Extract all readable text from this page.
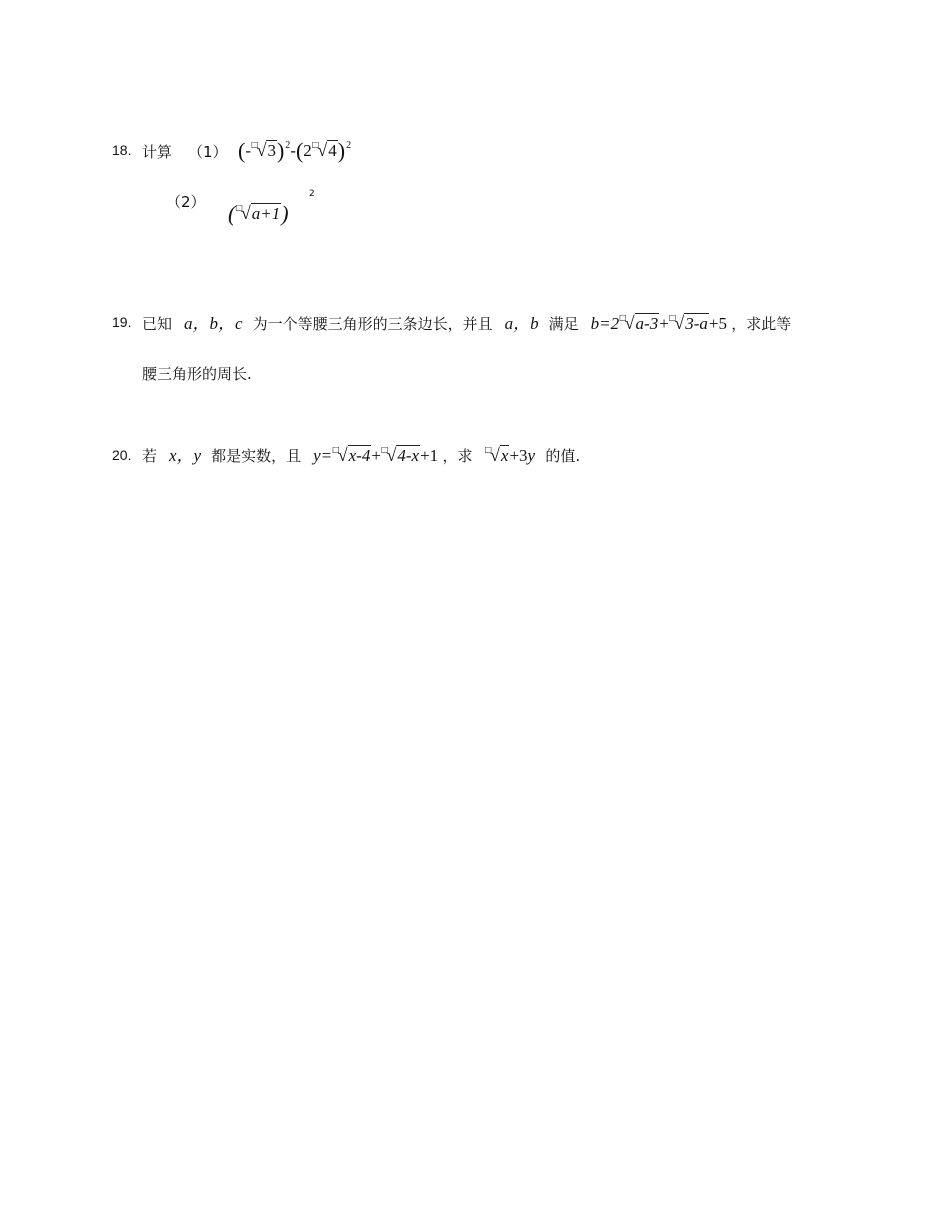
18. 计算 （1） $(-^□√3)^2-(2^□√4)^2$
（2） (□√a+1)
2
19. 已知 a，b，c 为一个等腰三角形的三条边长，并且 a，b 满足 b=2□√a-3+□√3-a+5 ，求此等
腰三角形的周长.
20. 若 x，y 都是实数，且 y=□√x-4+□√4-x+1 ，求 □√x+3y 的值.
